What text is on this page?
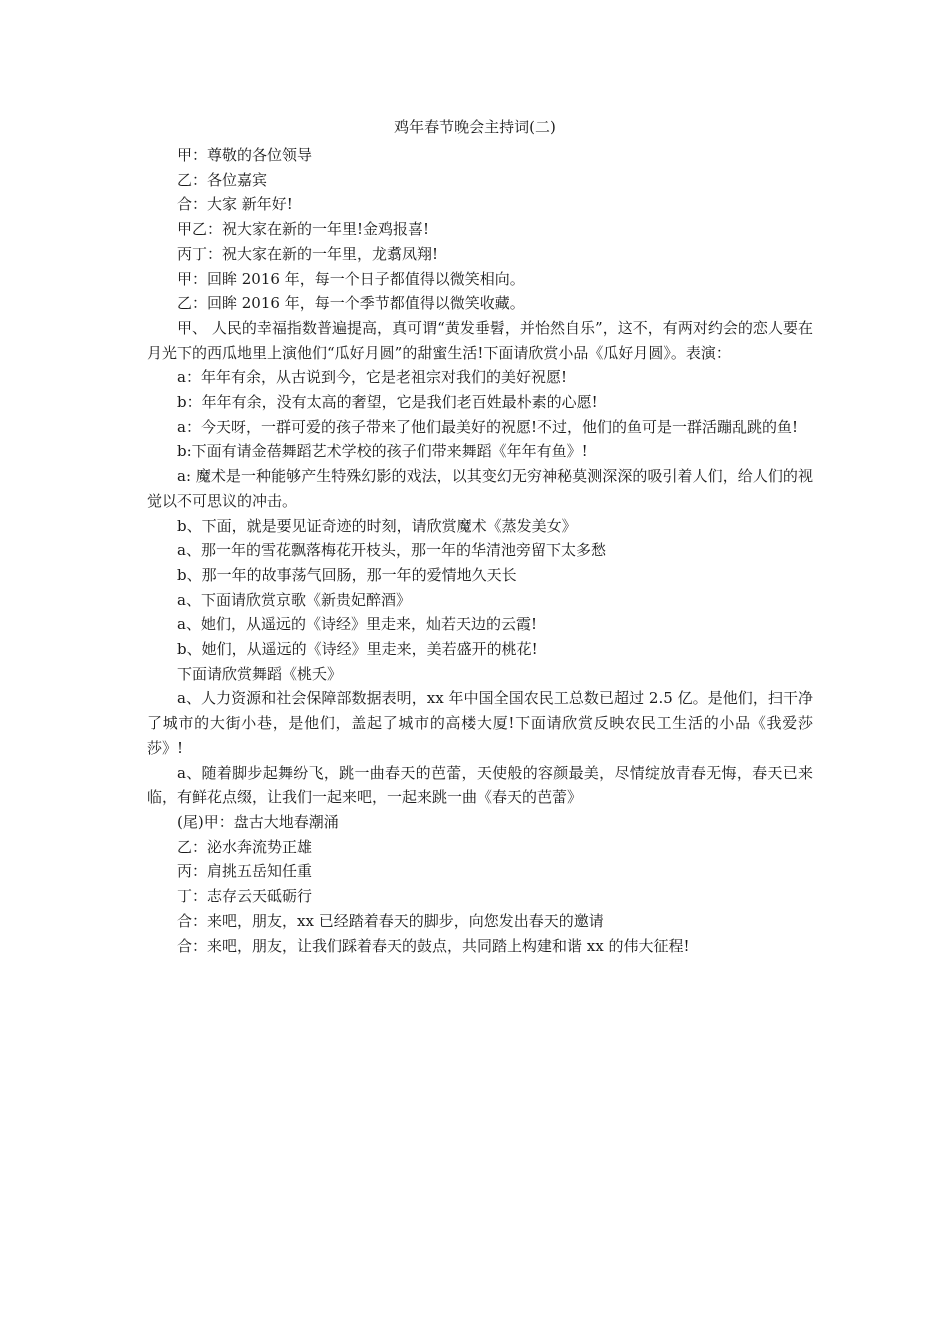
鸡年春节晚会主持词(二)

甲：尊敬的各位领导

乙：各位嘉宾

合：大家 新年好!

甲乙：祝大家在新的一年里!金鸡报喜!

丙丁：祝大家在新的一年里，龙翥凤翔!

甲：回眸 2016 年，每一个日子都值得以微笑相向。

乙：回眸 2016 年，每一个季节都值得以微笑收藏。

甲、 人民的幸福指数普遍提高，真可谓“黄发垂髫，并怡然自乐”，这不，有两对约会的恋人要在月光下的西瓜地里上演他们“瓜好月圆”的甜蜜生活!下面请欣赏小品《瓜好月圆》。表演：

a：年年有余，从古说到今，它是老祖宗对我们的美好祝愿!

b：年年有余，没有太高的奢望，它是我们老百姓最朴素的心愿!

a：今天呀，一群可爱的孩子带来了他们最美好的祝愿!不过，他们的鱼可是一群活蹦乱跳的鱼!

b:下面有请金蓓舞蹈艺术学校的孩子们带来舞蹈《年年有鱼》!

a: 魔术是一种能够产生特殊幻影的戏法，以其变幻无穷神秘莫测深深的吸引着人们，给人们的视觉以不可思议的冲击。

b、下面，就是要见证奇迹的时刻，请欣赏魔术《蒸发美女》

a、那一年的雪花飘落梅花开枝头，那一年的华清池旁留下太多愁

b、那一年的故事荡气回肠，那一年的爱情地久天长

a、下面请欣赏京歌《新贵妃醉酒》

a、她们，从遥远的《诗经》里走来，灿若天边的云霞!

b、她们，从遥远的《诗经》里走来，美若盛开的桃花!

下面请欣赏舞蹈《桃夭》

a、人力资源和社会保障部数据表明，xx 年中国全国农民工总数已超过 2.5 亿。是他们，扫干净了城市的大街小巷，是他们，盖起了城市的高楼大厦!下面请欣赏反映农民工生活的小品《我爱莎莎》!

a、随着脚步起舞纷飞，跳一曲春天的芭蕾，天使般的容颜最美，尽情绽放青春无悔，春天已来临，有鲜花点缀，让我们一起来吧，一起来跳一曲《春天的芭蕾》

(尾)甲：盘古大地春潮涌

乙：泌水奔流势正雄

丙：肩挑五岳知任重

丁：志存云天砥砺行

合：来吧，朋友，xx 已经踏着春天的脚步，向您发出春天的邀请

合：来吧，朋友，让我们踩着春天的鼓点，共同踏上构建和谐 xx 的伟大征程!
